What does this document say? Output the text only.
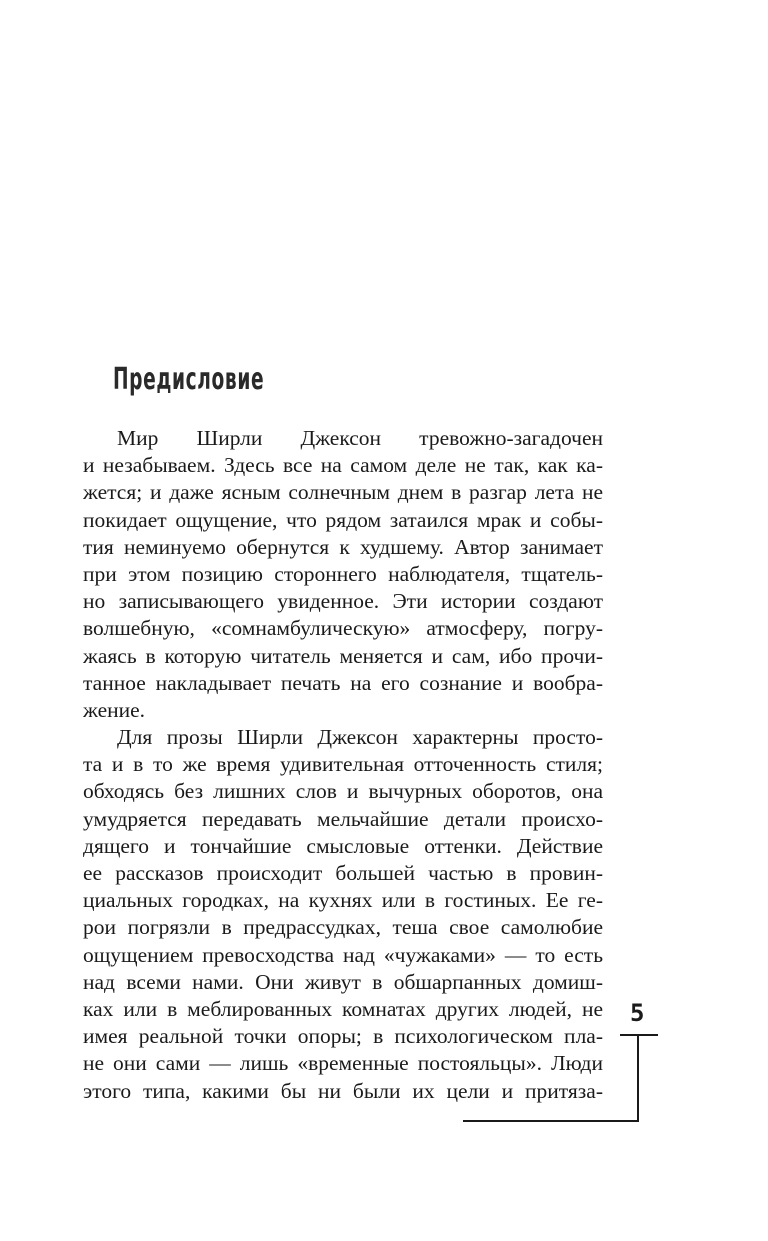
Предисловие
Мир Ширли Джексон тревожно-загадочен
и незабываем. Здесь все на самом деле не так, как ка-
жется; и даже ясным солнечным днем в разгар лета не
покидает ощущение, что рядом затаился мрак и собы-
тия неминуемо обернутся к худшему. Автор занимает
при этом позицию стороннего наблюдателя, тщатель-
но записывающего увиденное. Эти истории создают
волшебную, «сомнамбулическую» атмосферу, погру-
жаясь в которую читатель меняется и сам, ибо прочи-
танное накладывает печать на его сознание и вообра-
жение.
Для прозы Ширли Джексон характерны просто-
та и в то же время удивительная отточенность стиля;
обходясь без лишних слов и вычурных оборотов, она
умудряется передавать мельчайшие детали происхо-
дящего и тончайшие смысловые оттенки. Действие
ее рассказов происходит большей частью в провин-
циальных городках, на кухнях или в гостиных. Ее ге-
рои погрязли в предрассудках, теша свое самолюбие
ощущением превосходства над «чужаками» — то есть
над всеми нами. Они живут в обшарпанных домиш-
ках или в меблированных комнатах других людей, не
имея реальной точки опоры; в психологическом пла-
не они сами — лишь «временные постояльцы». Люди
этого типа, какими бы ни были их цели и притяза-
5
